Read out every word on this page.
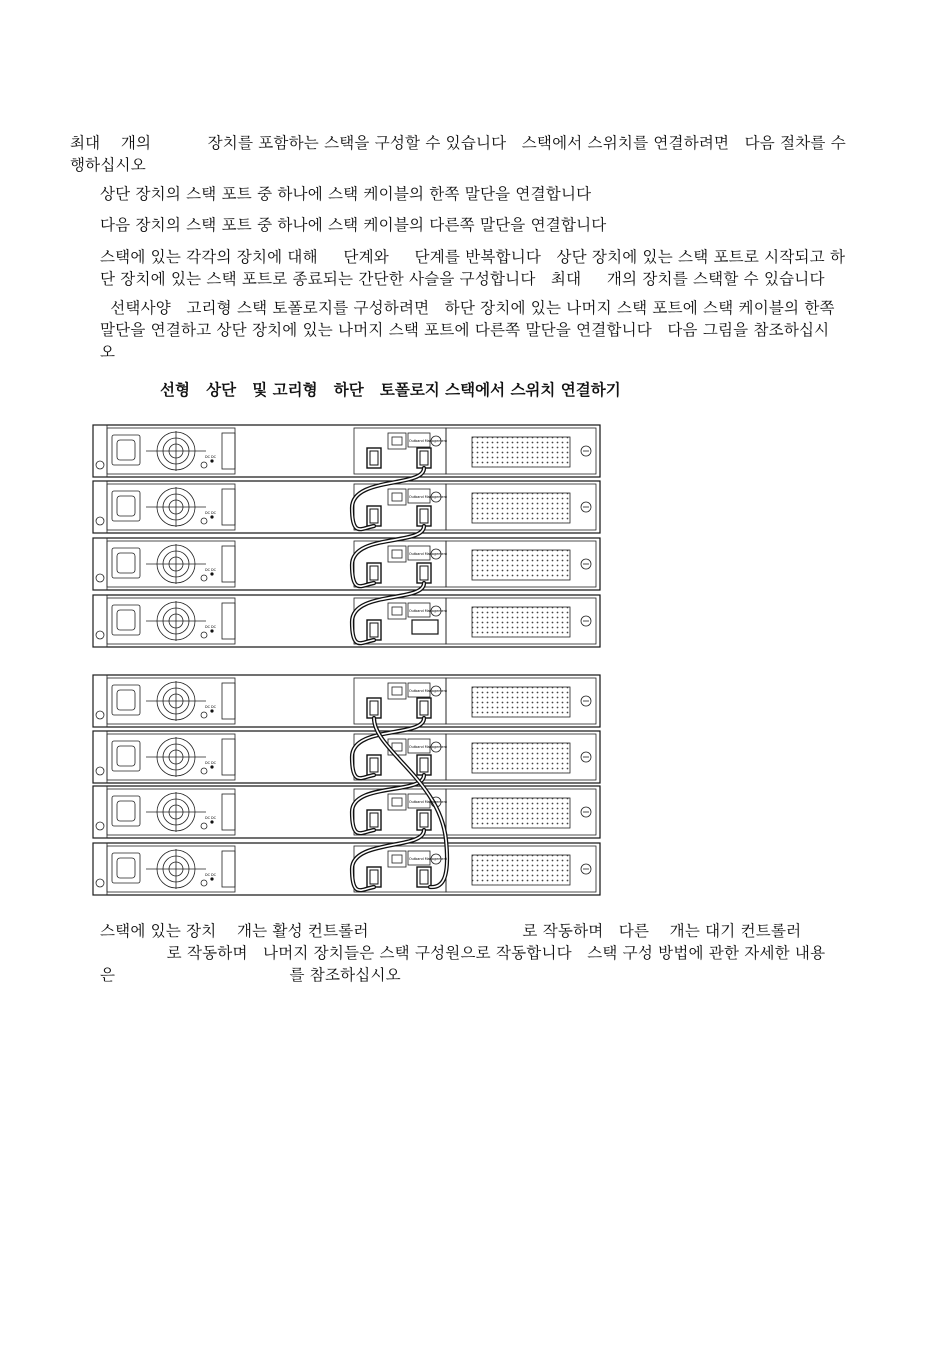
최대    개의           장치를 포함하는 스택을 구성할 수 있습니다   스택에서 스위치를 연결하려면   다음 절차를 수
행하십시오
상단 장치의 스택 포트 중 하나에 스택 케이블의 한쪽 말단을 연결합니다
다음 장치의 스택 포트 중 하나에 스택 케이블의 다른쪽 말단을 연결합니다
스택에 있는 각각의 장치에 대해     단계와     단계를 반복합니다   상단 장치에 있는 스택 포트로 시작되고 하
단 장치에 있는 스택 포트로 종료되는 간단한 사슬을 구성합니다   최대     개의 장치를 스택할 수 있습니다
선택사양   고리형 스택 토폴로지를 구성하려면   하단 장치에 있는 나머지 스택 포트에 스택 케이블의 한쪽
말단을 연결하고 상단 장치에 있는 나머지 스택 포트에 다른쪽 말단을 연결합니다   다음 그림을 참조하십시
오
선형   상단   및 고리형   하단   토폴로지 스택에서 스위치 연결하기
Outband Management
DC DC
Outband Management
DC DC
Outband Management
DC DC
Outband Management
DC DC
Outband Management
DC DC
Outband Management
DC DC
Outband Management
DC DC
Outband Management
DC DC
스택에 있는 장치    개는 활성 컨트롤러                              로 작동하며   다른    개는 대기 컨트롤러
로 작동하며   나머지 장치들은 스택 구성원으로 작동합니다   스택 구성 방법에 관한 자세한 내용
은                                  를 참조하십시오
